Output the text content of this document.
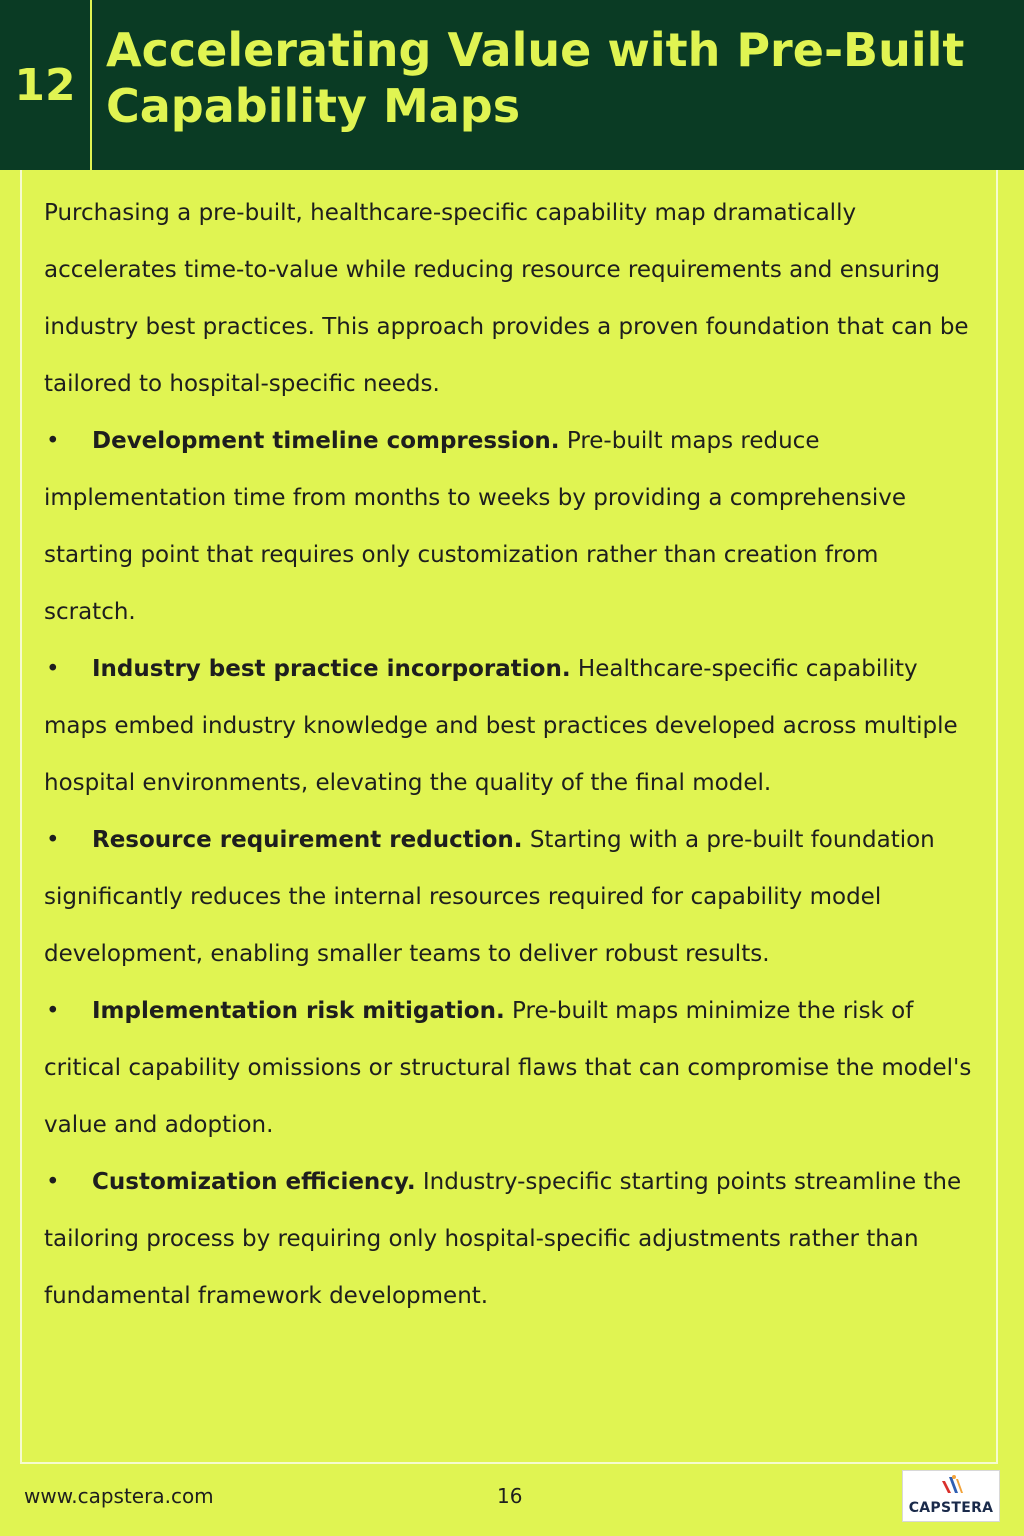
12
Accelerating Value with Pre-Built Capability Maps

Purchasing a pre-built, healthcare-specific capability map dramatically accelerates time-to-value while reducing resource requirements and ensuring industry best practices. This approach provides a proven foundation that can be tailored to hospital-specific needs.

• Development timeline compression. Pre-built maps reduce implementation time from months to weeks by providing a comprehensive starting point that requires only customization rather than creation from scratch.

• Industry best practice incorporation. Healthcare-specific capability maps embed industry knowledge and best practices developed across multiple hospital environments, elevating the quality of the final model.

• Resource requirement reduction. Starting with a pre-built foundation significantly reduces the internal resources required for capability model development, enabling smaller teams to deliver robust results.

• Implementation risk mitigation. Pre-built maps minimize the risk of critical capability omissions or structural flaws that can compromise the model's value and adoption.

• Customization efficiency. Industry-specific starting points streamline the tailoring process by requiring only hospital-specific adjustments rather than fundamental framework development.

www.capstera.com	16	CAPSTERA
